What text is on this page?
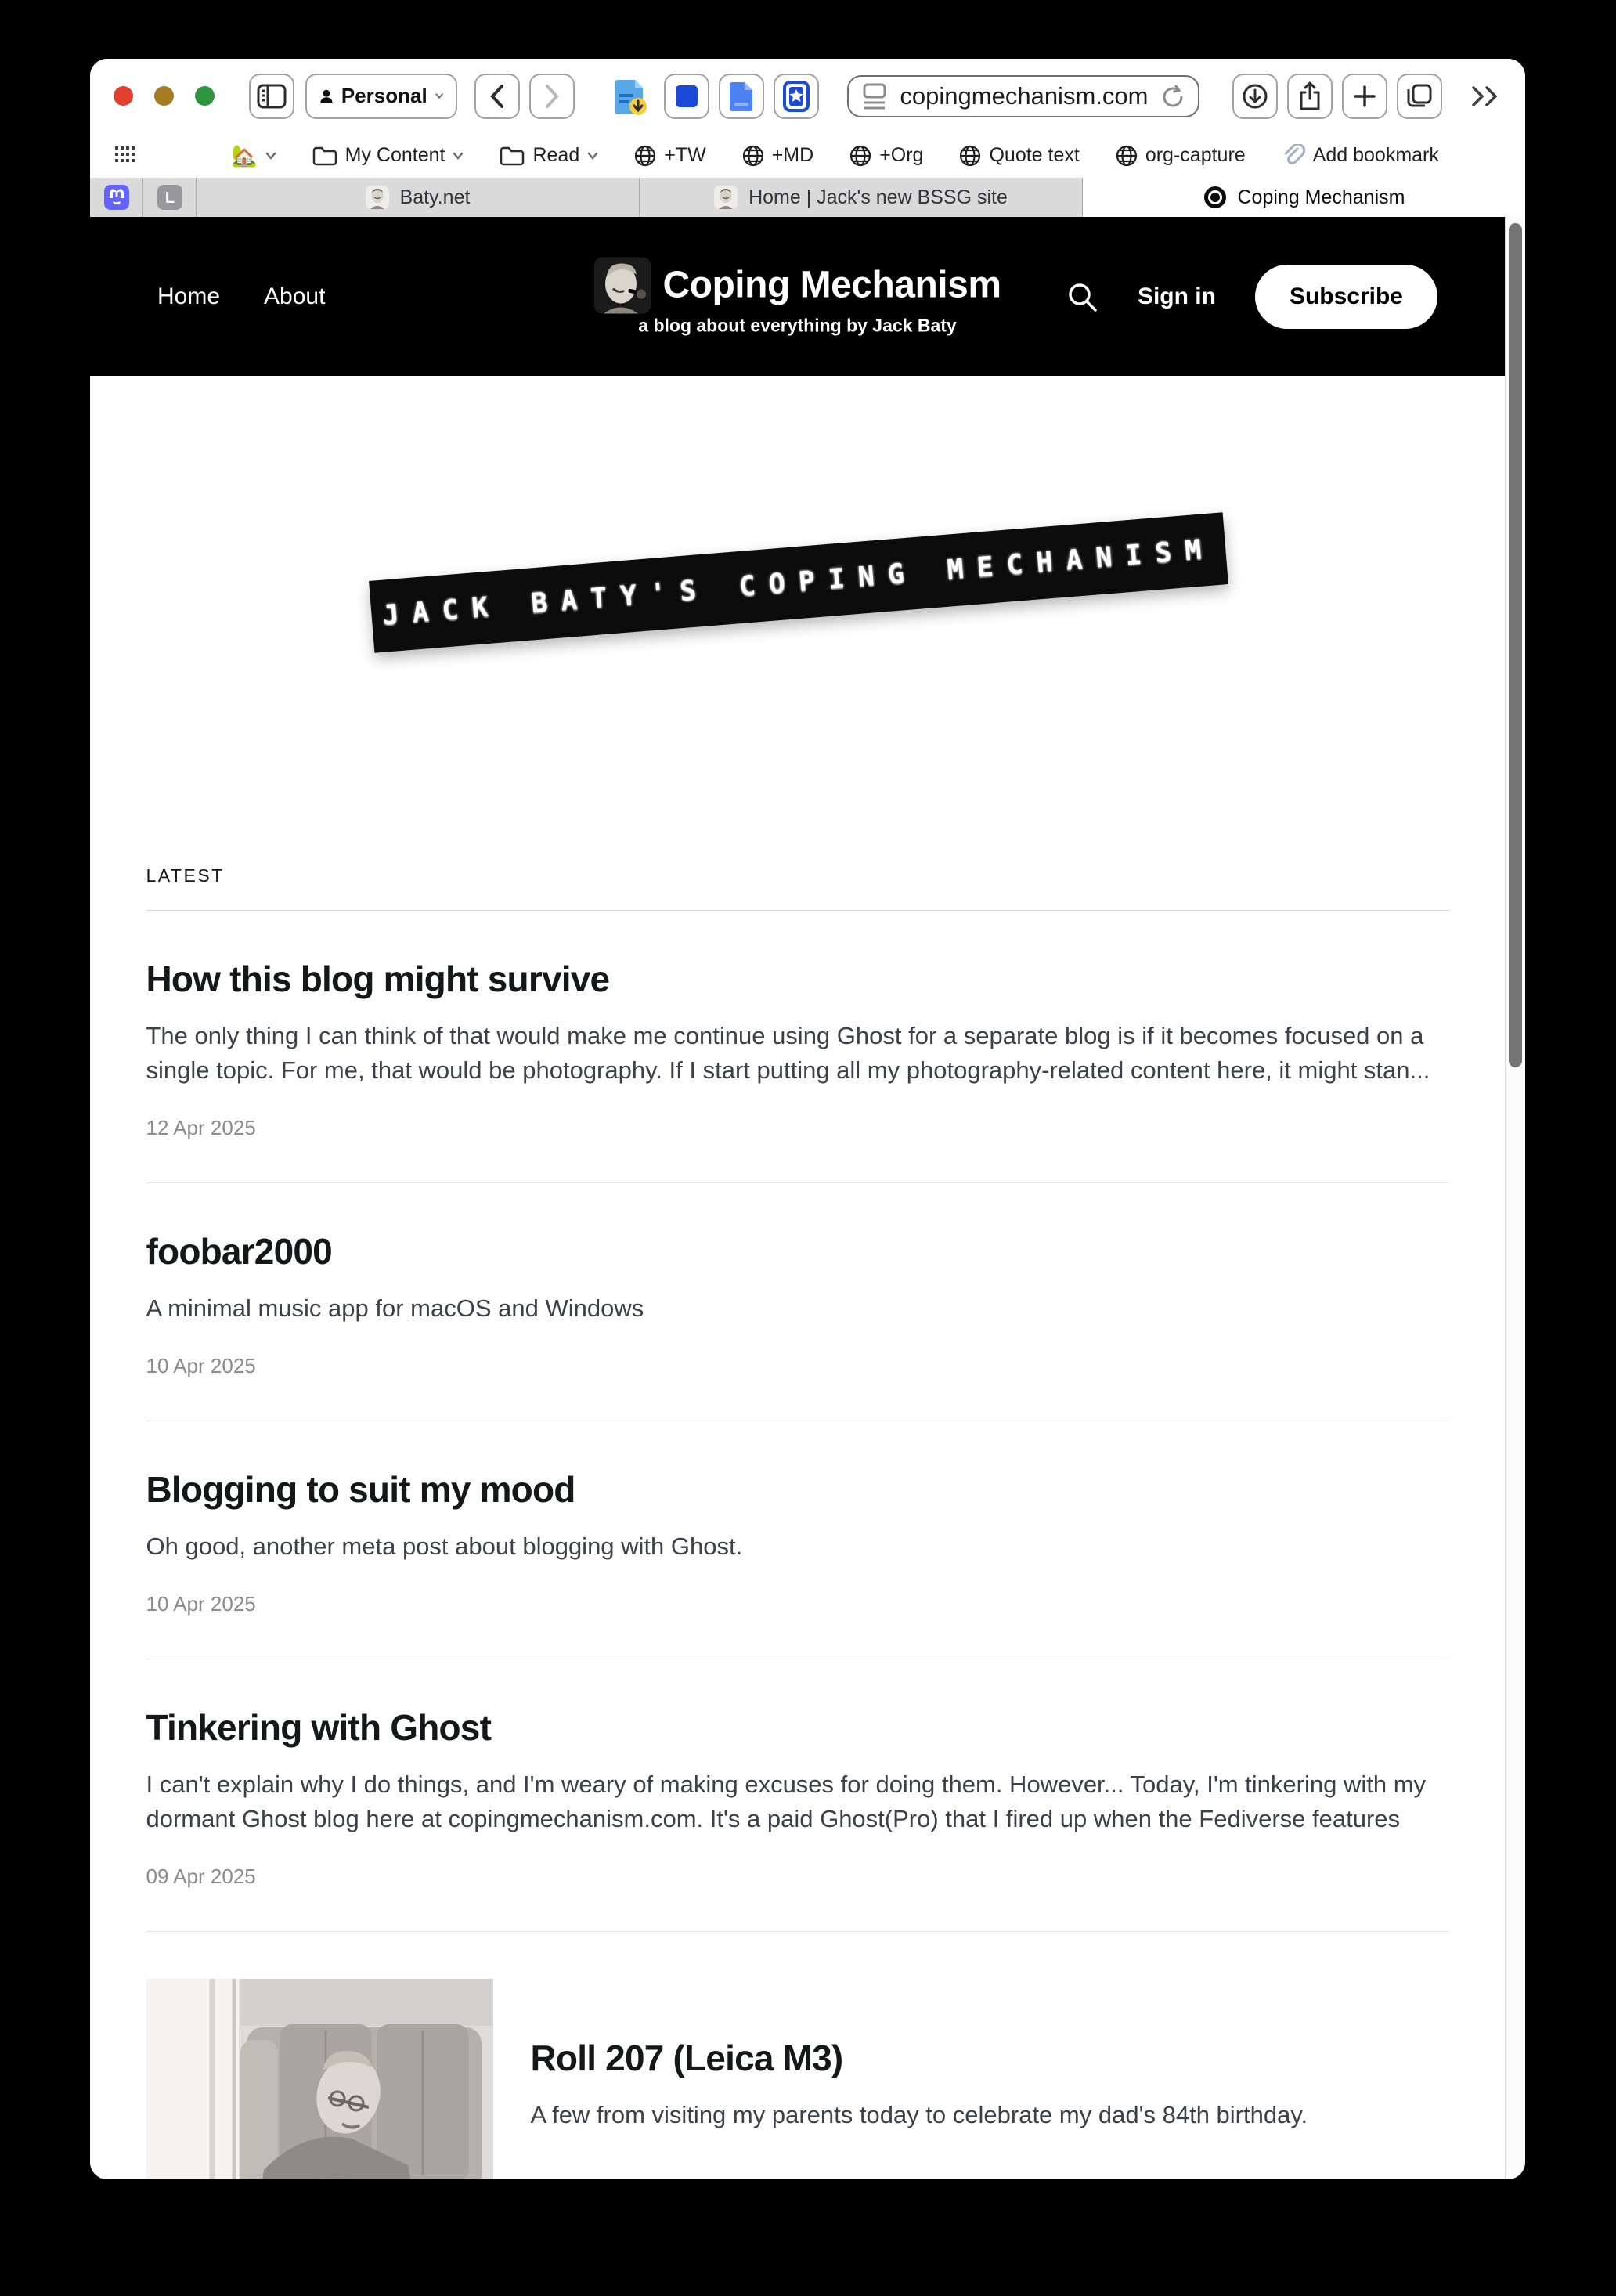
Personal	copingmechanism.com
🏡	My Content	Read	+TW	+MD	+Org	Quote text	org-capture	Add bookmark
L	Baty.net	Home | Jack's new BSSG site	Coping Mechanism
Home About	Coping Mechanism
a blog about everything by Jack Baty
Sign in	Subscribe
JACK BATY'S COPING MECHANISM
LATEST
How this blog might survive

The only thing I can think of that would make me continue using Ghost for a separate blog is if it becomes focused on a single topic. For me, that would be photography. If I start putting all my photography-related content here, it might stan...

12 Apr 2025
foobar2000

A minimal music app for macOS and Windows

10 Apr 2025
Blogging to suit my mood

Oh good, another meta post about blogging with Ghost.

10 Apr 2025
Tinkering with Ghost

I can't explain why I do things, and I'm weary of making excuses for doing them. However... Today, I'm tinkering with my dormant Ghost blog here at copingmechanism.com. It's a paid Ghost(Pro) that I fired up when the Fediverse features

09 Apr 2025
Roll 207 (Leica M3)

A few from visiting my parents today to celebrate my dad's 84th birthday.
